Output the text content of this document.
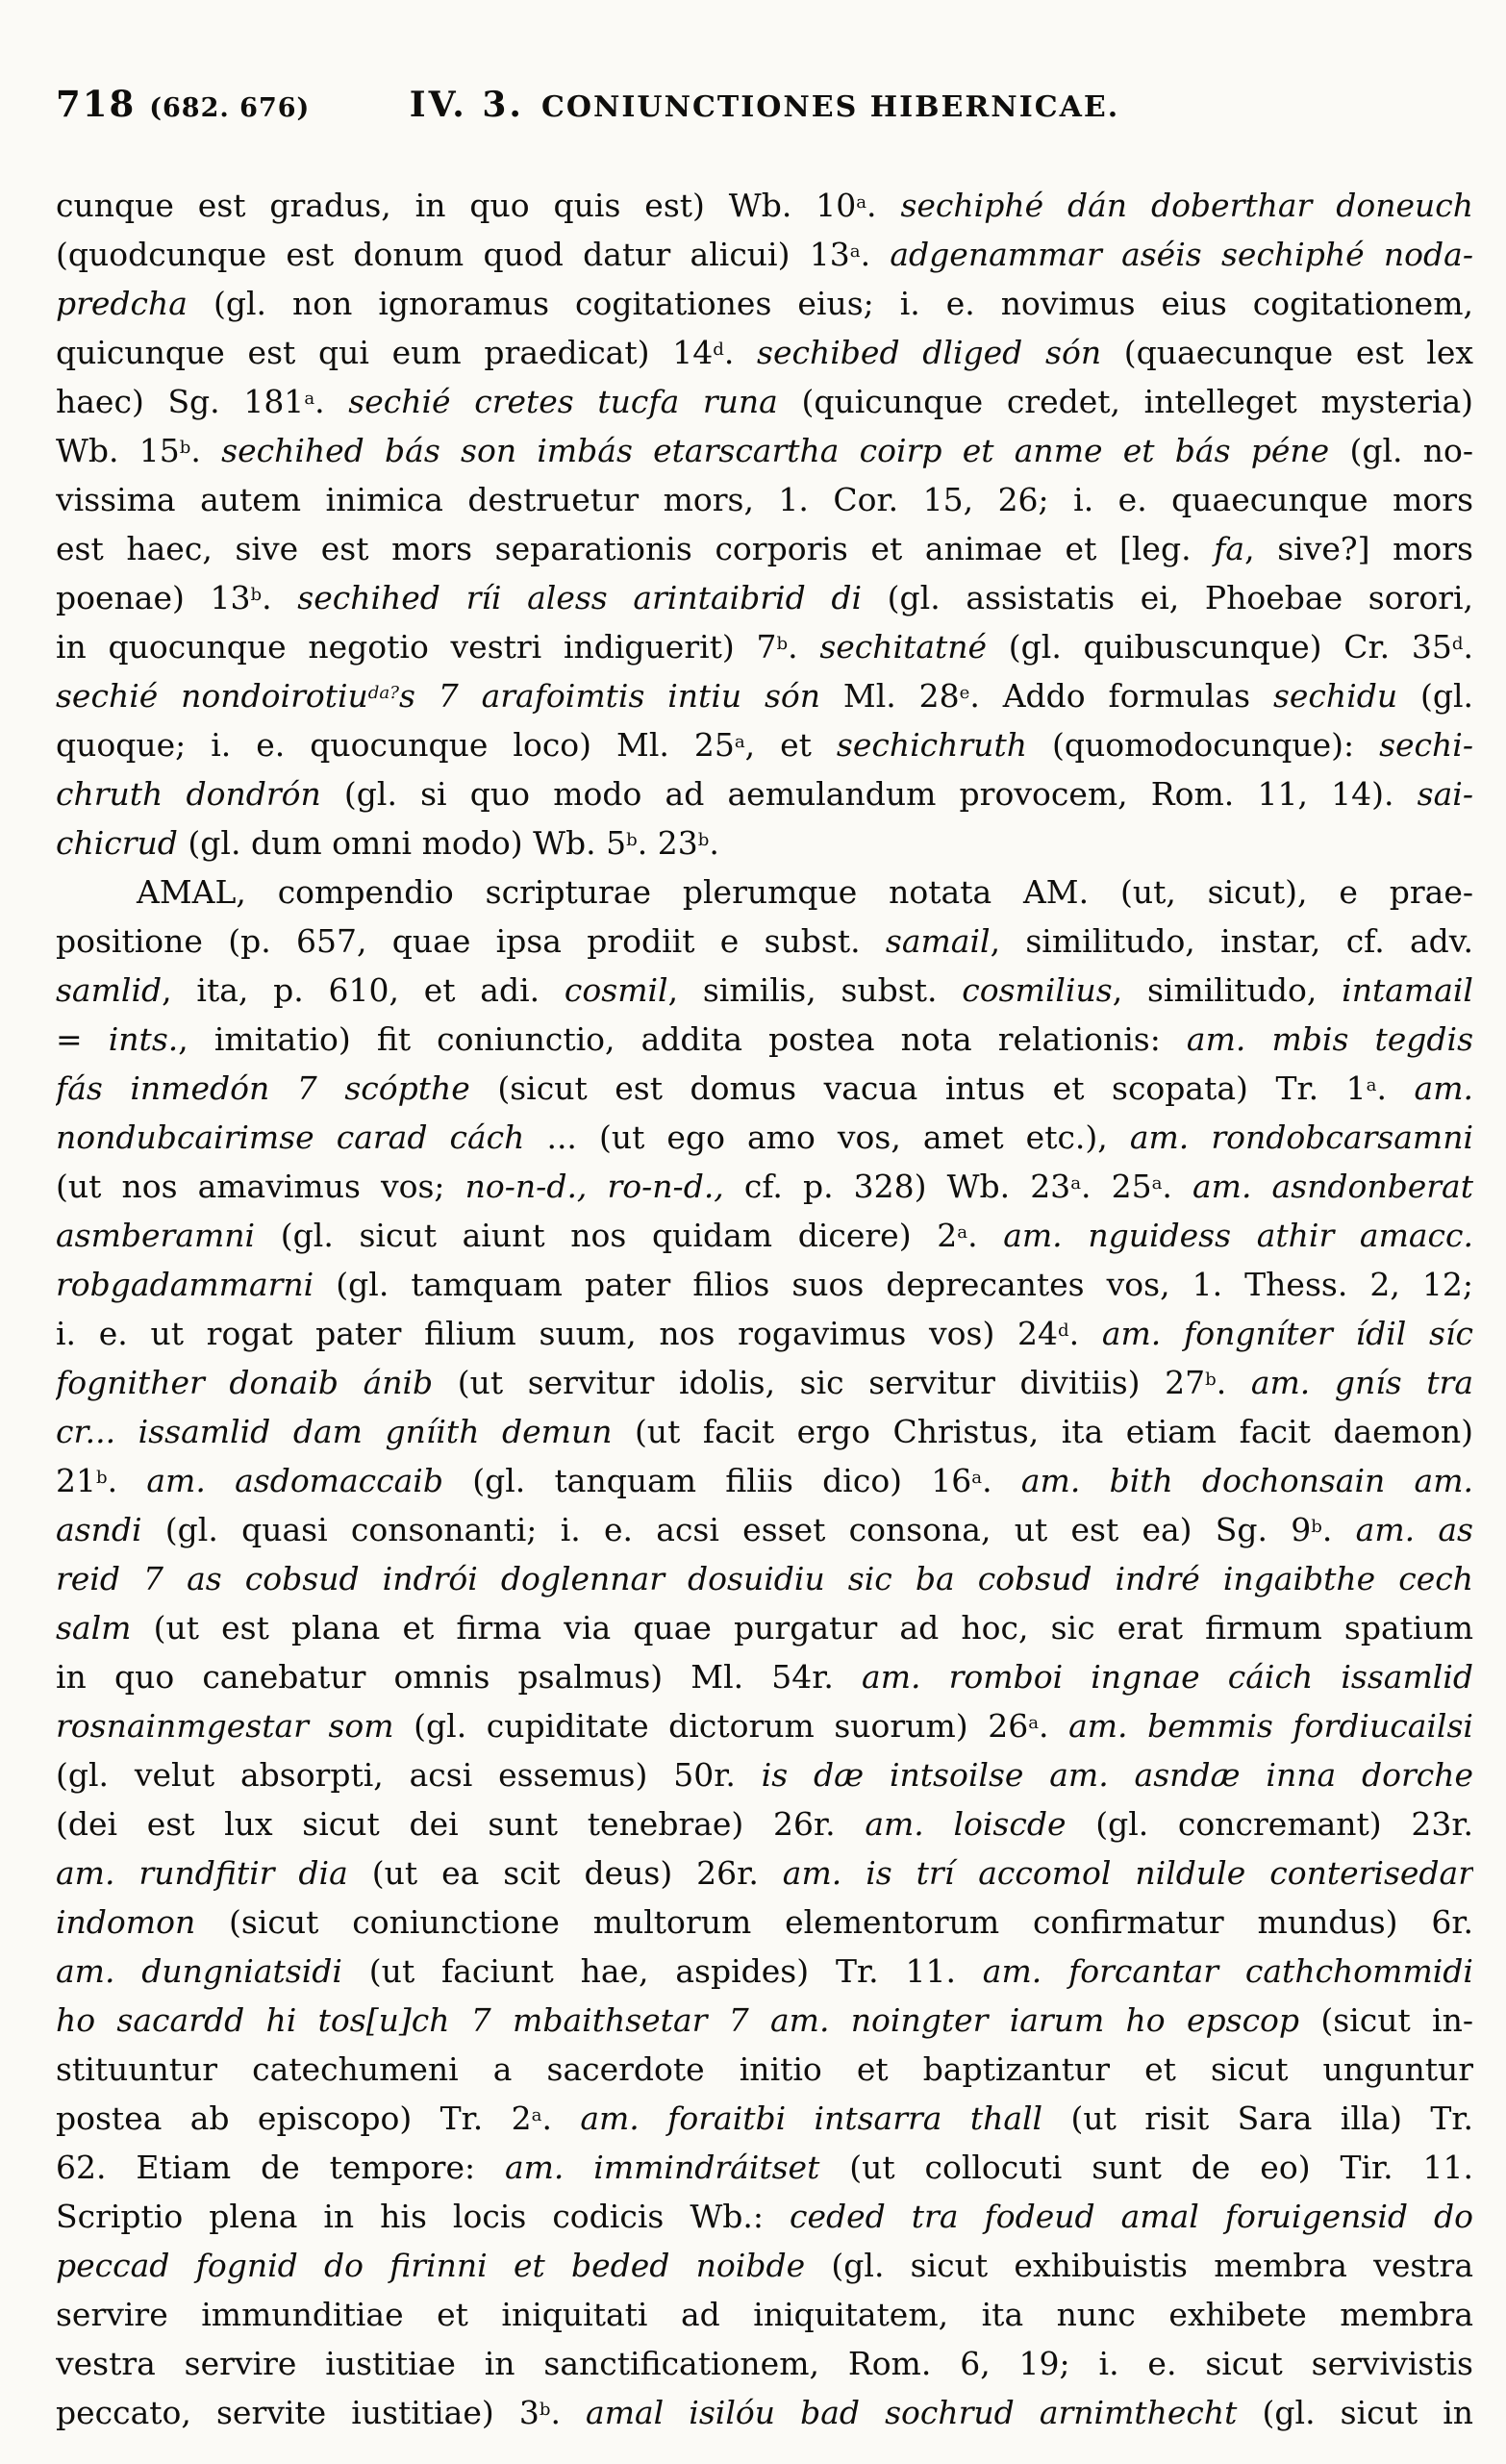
718 (682. 676)	IV. 3. CONIUNCTIONES HIBERNICAE.
cunque est gradus, in quo quis est) Wb. 10$^a$. sechiphé dán doberthar doneuch
(quodcunque est donum quod datur alicui) 13$^a$. adgenammar aséis sechiphé noda-
predcha (gl. non ignoramus cogitationes eius; i. e. novimus eius cogitationem,
quicunque est qui eum praedicat) 14$^d$. sechibed dliged són (quaecunque est lex
haec) Sg. 181$^a$. sechié cretes tucfa runa (quicunque credet, intelleget mysteria)
Wb. 15$^b$. sechihed bás son imbás etarscartha coirp et anme et bás péne (gl. no-
vissima autem inimica destruetur mors, 1. Cor. 15, 26; i. e. quaecunque mors
est haec, sive est mors separationis corporis et animae et [leg. fa, sive?] mors
poenae) 13$^b$. sechihed ríi aless arintaibrid di (gl. assistatis ei, Phoebae sorori,
in quocunque negotio vestri indiguerit) 7$^b$. sechitatné (gl. quibuscunque) Cr. 35$^d$.
sechié nondoirotiu$^{da?}$s 7 arafoimtis intiu són Ml. 28e. Addo formulas sechidu (gl.
quoque; i. e. quocunque loco) Ml. 25$^a$, et sechichruth (quomodocunque): sechi-
chruth dondrón (gl. si quo modo ad aemulandum provocem, Rom. 11, 14). sai-
chicrud (gl. dum omni modo) Wb. 5$^b$. 23$^b$.
AMAL, compendio scripturae plerumque notata AM. (ut, sicut), e prae-
positione (p. 657, quae ipsa prodiit e subst. samail, similitudo, instar, cf. adv.
samlid, ita, p. 610, et adi. cosmil, similis, subst. cosmilius, similitudo, intamail
= ints., imitatio) fit coniunctio, addita postea nota relationis: am. mbis tegdis
fás inmedón 7 scópthe (sicut est domus vacua intus et scopata) Tr. 1$^a$. am.
nondubcairimse carad cách ... (ut ego amo vos, amet etc.), am. rondobcarsamni
(ut nos amavimus vos; no-n-d., ro-n-d., cf. p. 328) Wb. 23$^a$. 25$^a$. am. asndonberat
asmberamni (gl. sicut aiunt nos quidam dicere) 2$^a$. am. nguidess athir amacc.
robgadammarni (gl. tamquam pater filios suos deprecantes vos, 1. Thess. 2, 12;
i. e. ut rogat pater filium suum, nos rogavimus vos) 24$^d$. am. fongníter ídil síc
fognither donaib ánib (ut servitur idolis, sic servitur divitiis) 27$^b$. am. gnís tra
cr... issamlid dam gníith demun (ut facit ergo Christus, ita etiam facit daemon)
21$^b$. am. asdomaccaib (gl. tanquam filiis dico) 16$^a$. am. bith dochonsain am.
asndi (gl. quasi consonanti; i. e. acsi esset consona, ut est ea) Sg. 9$^b$. am. as
reid 7 as cobsud indrói doglennar dosuidiu sic ba cobsud indré ingaibthe cech
salm (ut est plana et firma via quae purgatur ad hoc, sic erat firmum spatium
in quo canebatur omnis psalmus) Ml. 54r. am. romboi ingnae cáich issamlid
rosnainmgestar som (gl. cupiditate dictorum suorum) 26$^a$. am. bemmis fordiucailsi
(gl. velut absorpti, acsi essemus) 50r. is dæ intsoilse am. asndæ inna dorche
(dei est lux sicut dei sunt tenebrae) 26r. am. loiscde (gl. concremant) 23r.
am. rundfitir dia (ut ea scit deus) 26r. am. is trí accomol nildule conterisedar
indomon (sicut coniunctione multorum elementorum confirmatur mundus) 6r.
am. dungniatsidi (ut faciunt hae, aspides) Tr. 11. am. forcantar cathchommidi
ho sacardd hi tos[u]ch 7 mbaithsetar 7 am. noingter iarum ho epscop (sicut in-
stituuntur catechumeni a sacerdote initio et baptizantur et sicut unguntur
postea ab episcopo) Tr. 2$^a$. am. foraitbi intsarra thall (ut risit Sara illa) Tr.
62. Etiam de tempore: am. immindráitset (ut collocuti sunt de eo) Tir. 11.
Scriptio plena in his locis codicis Wb.: ceded tra fodeud amal foruigensid do
peccad fognid do firinni et beded noibde (gl. sicut exhibuistis membra vestra
servire immunditiae et iniquitati ad iniquitatem, ita nunc exhibete membra
vestra servire iustitiae in sanctificationem, Rom. 6, 19; i. e. sicut servivistis
peccato, servite iustitiae) 3$^b$. amal isilóu bad sochrud arnimthecht (gl. sicut in
